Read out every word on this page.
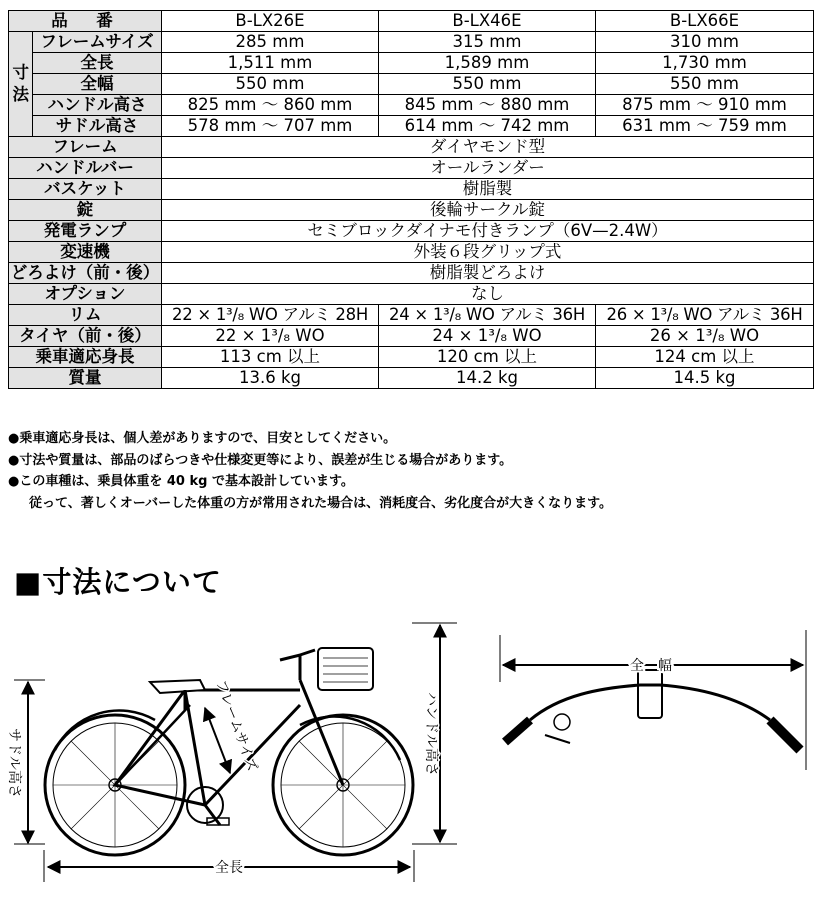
品　番		B-LX26E	B-LX46E	B-LX66E
寸法	フレームサイズ	285 mm	315 mm	310 mm
	全長	1,511 mm	1,589 mm	1,730 mm
	全幅	550 mm	550 mm	550 mm
	ハンドル高さ	825 mm ～ 860 mm	845 mm ～ 880 mm	875 mm ～ 910 mm
	サドル高さ	578 mm ～ 707 mm	614 mm ～ 742 mm	631 mm ～ 759 mm
フレーム		ダイヤモンド型		
ハンドルバー		オールランダー		
バスケット		樹脂製		
錠		後輪サークル錠		
発電ランプ		セミブロックダイナモ付きランプ（6V—2.4W）		
変速機		外装６段グリップ式		
どろよけ（前・後）		樹脂製どろよけ		
オプション		なし		
リム		22 × 1³/₈ WO アルミ 28H	24 × 1³/₈ WO アルミ 36H	26 × 1³/₈ WO アルミ 36H
タイヤ（前・後）		22 × 1³/₈ WO	24 × 1³/₈ WO	26 × 1³/₈ WO
乗車適応身長		113 cm 以上	120 cm 以上	124 cm 以上
質量		13.6 kg	14.2 kg	14.5 kg
●乗車適応身長は、個人差がありますので、目安としてください。
●寸法や質量は、部品のばらつきや仕様変更等により、誤差が生じる場合があります。
●この車種は、乗員体重を 40 kg で基本設計しています。
従って、著しくオーバーした体重の方が常用された場合は、消耗度合、劣化度合が大きくなります。
■寸法について
サドル高さ	フレームサイズ	ハンドル高さ
全長
全　幅
